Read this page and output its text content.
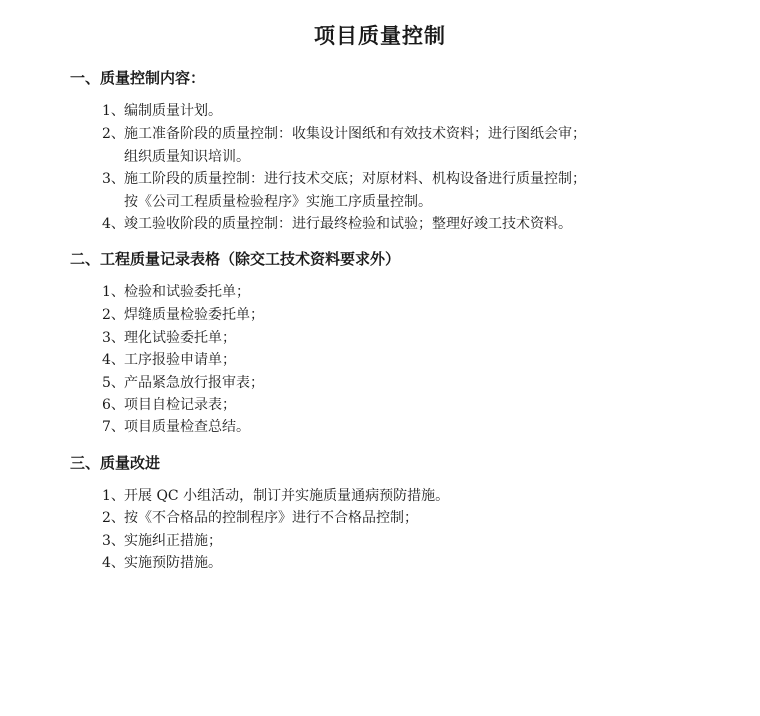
项目质量控制
一、质量控制内容：
1、编制质量计划。
2、施工准备阶段的质量控制：收集设计图纸和有效技术资料；进行图纸会审；
组织质量知识培训。
3、施工阶段的质量控制：进行技术交底；对原材料、机构设备进行质量控制；
按《公司工程质量检验程序》实施工序质量控制。
4、竣工验收阶段的质量控制：进行最终检验和试验；整理好竣工技术资料。
二、工程质量记录表格（除交工技术资料要求外）
1、检验和试验委托单；
2、焊缝质量检验委托单；
3、理化试验委托单；
4、工序报验申请单；
5、产品紧急放行报审表；
6、项目自检记录表；
7、项目质量检查总结。
三、质量改进
1、开展 QC 小组活动，制订并实施质量通病预防措施。
2、按《不合格品的控制程序》进行不合格品控制；
3、实施纠正措施；
4、实施预防措施。
